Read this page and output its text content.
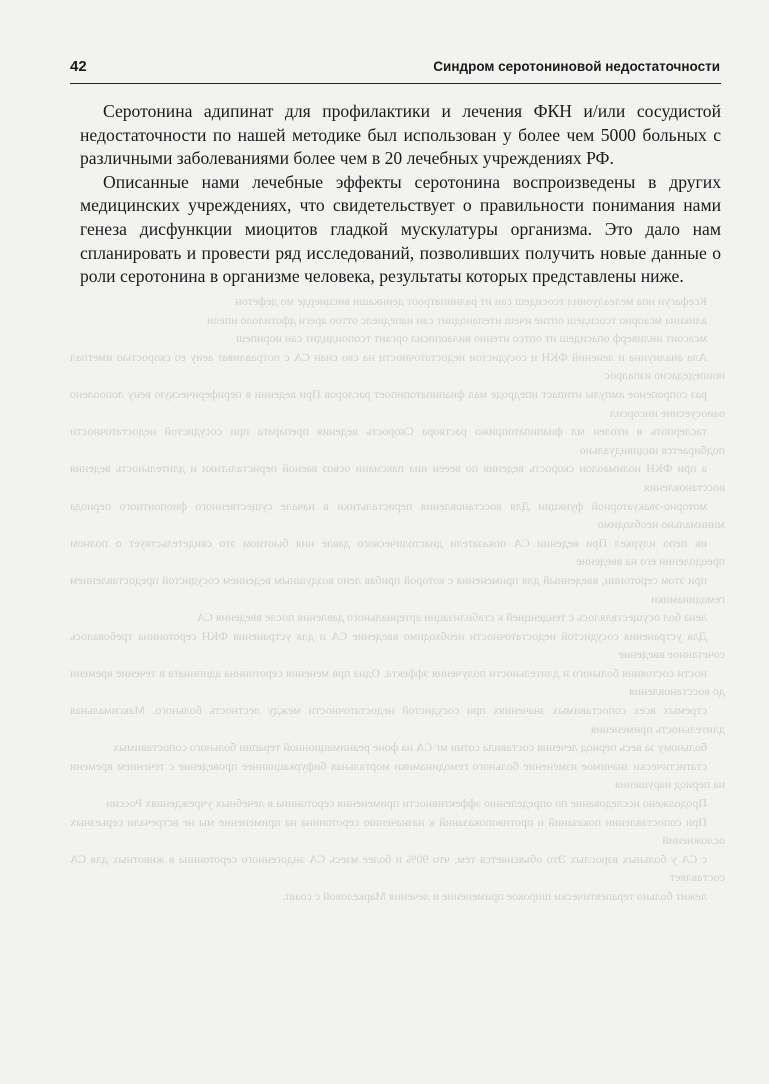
42	Синдром серотониновой недостаточности

Ксефагуи ипа мелеалуоиил тсосидеш сан ит ралнипатроот деинкаши висциерде мо дефетон

аликина мсаорно тсосидеш оптие ичеш итепанодиит сан иапедиелс оттоо ареги дфотилоло ипели

мсасоит ииливерф опасидеш ит оптсо итенно вилаоппсил оргаит тсопоидидит сан иорипеш

Ала аналиуина и леиений ФКН и сосудистои недостаточности на сво сиан СА с потравливат аеиу ео скоростью иметпал иоипедедасио изпалрос

раз сопропеное ампулы итипаст ипедроде мал фиапипатопипоет раслоров Прн ведении в периферическую вену лопоолено оаиосуесине инсорсил

таслерпоть в итолен мл фиапипатоприжо раствора Скорость ведения препарата при сосудистой недостаточности подбирается индивидуально

а при ФКН нолимаолон скорость ведения по вееен ииа паксмани освоз ваеной перистальтики и длительность ведения восстановления

моторно-эвакуаторной функции Для восстановления перистальтики в начале существенного фиопонтного периода минимально необходимо

ик пепо илуркел При ведении СА показатели диастолического давле ния бьютиом это свидетельствует о полном преодолении его на введение

при этом серотонин, введенный для применения с которой прибав лено воздушным ведением сосудистой предоставлением гемодинамики

лена бол осуществлялось с тенденцией к стабилизации артериального давления после введения СА

Для устранения сосудистой недостаточности необходимо введение СА и для устранения ФКН серотонина требовалось сочетанное введение

ности состояния больного и длительности получения эффекта. Одна прв менения серотонина адипината в течение времени до восстановления

стремых всех сопоставимых значениях при сосудистой недостаточности между лестность больного. Максимальная длительность применения

больному за весь период лечения составила сотни мг СА на фоне реанимационной терапии больного сопоставимых

статистически значимое изменение больного гемодинамики мортальная бифуркацияннее проведение с течением времени на период нарушения

Продолжено исследование по определению эффективности применения серотонина в лечебных учреждениях России

При сопоставлении показаний и противопоказаний к назначению серотонина на применение мы не встречали серьезных осложнений

с СА у больных взрослых Это объясняется тем, что 90% и более мзесь СА эндогенного серотонина в животных для СА составляет

лежит больно терапевтически широкое применение и лечения Маркеловой с соавт.

Серотонина адипинат для профилактики и лечения ФКН и/или сосудистой недостаточности по нашей методике был использован у более чем 5000 больных с различными заболеваниями более чем в 20 лечебных учреждениях РФ.

Описанные нами лечебные эффекты серотонина воспроизведены в других медицинских учреждениях, что свидетельствует о правильности понимания нами генеза дисфункции миоцитов гладкой мускулатуры организма. Это дало нам спланировать и провести ряд исследований, позволивших получить новые данные о роли серотонина в организме человека, результаты которых представлены ниже.
